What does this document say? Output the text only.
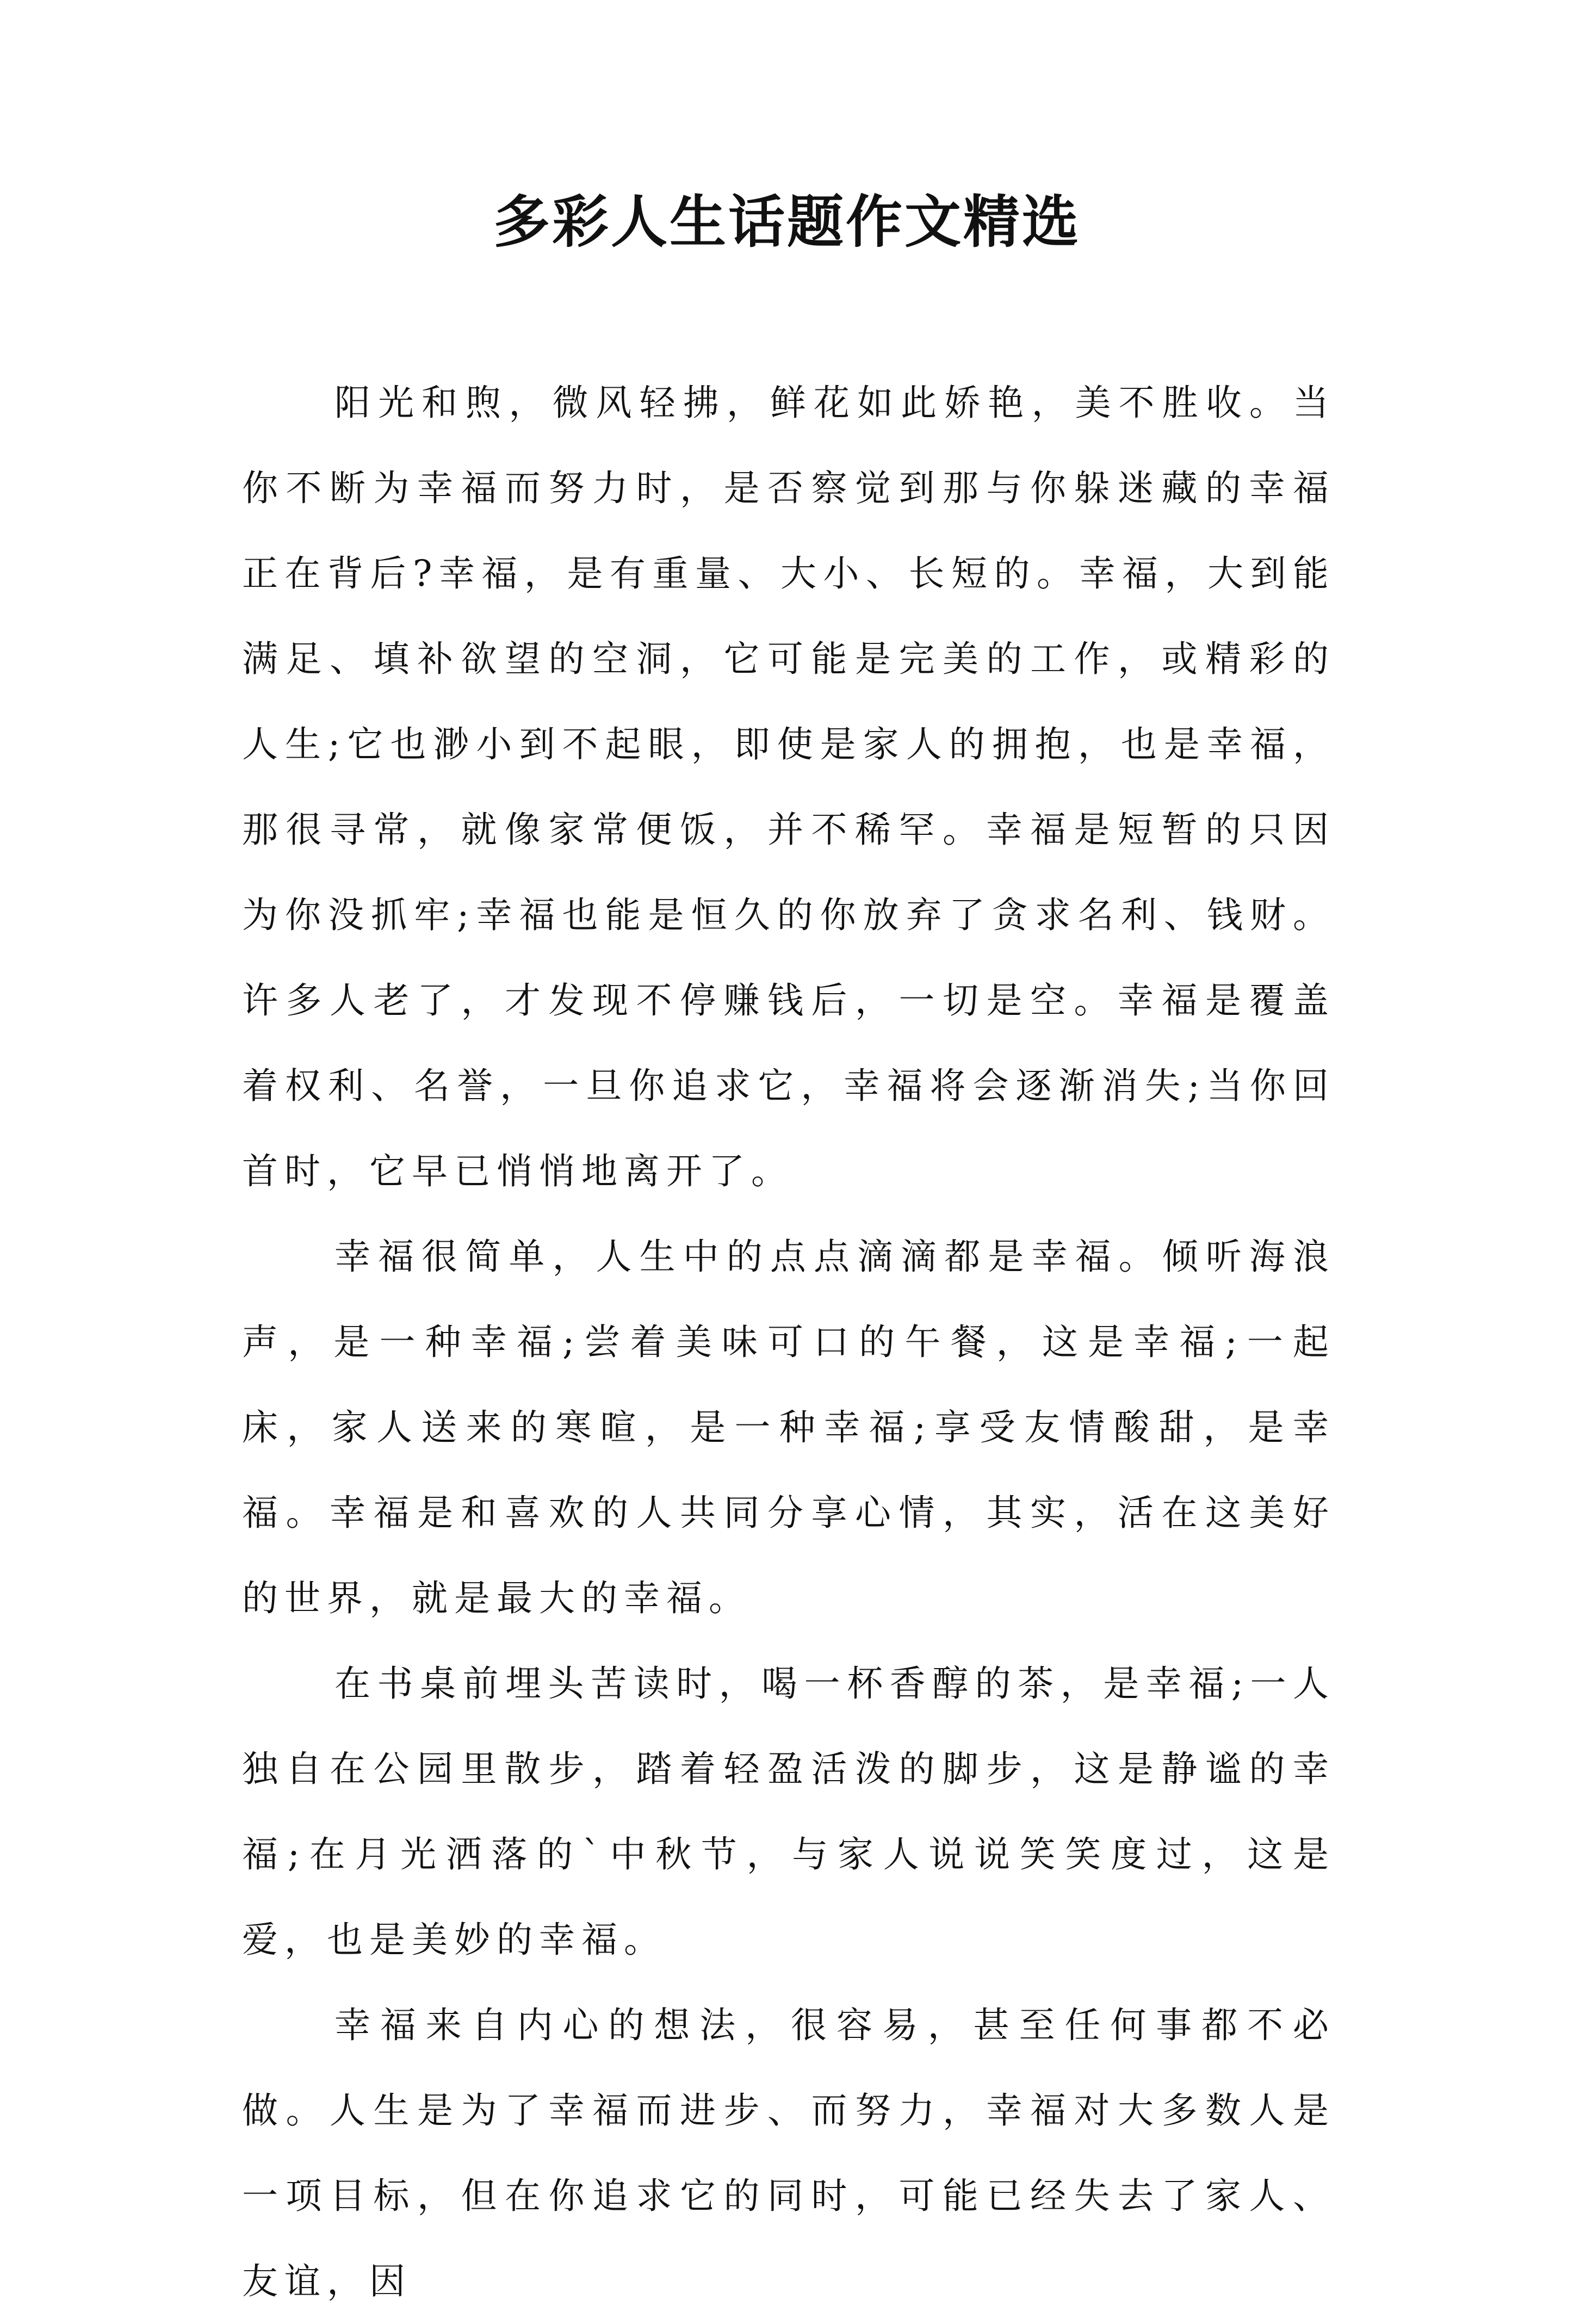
多彩人生话题作文精选

阳光和煦，微风轻拂，鲜花如此娇艳，美不胜收。当你不断为幸福而努力时，是否察觉到那与你躲迷藏的幸福正在背后?幸福，是有重量、大小、长短的。幸福，大到能满足、填补欲望的空洞，它可能是完美的工作，或精彩的人生;它也渺小到不起眼，即使是家人的拥抱，也是幸福，那很寻常，就像家常便饭，并不稀罕。幸福是短暂的只因为你没抓牢;幸福也能是恒久的你放弃了贪求名利、钱财。许多人老了，才发现不停赚钱后，一切是空。幸福是覆盖着权利、名誉，一旦你追求它，幸福将会逐渐消失;当你回首时，它早已悄悄地离开了。

幸福很简单，人生中的点点滴滴都是幸福。倾听海浪声，是一种幸福;尝着美味可口的午餐，这是幸福;一起床，家人送来的寒暄，是一种幸福;享受友情酸甜，是幸福。幸福是和喜欢的人共同分享心情，其实，活在这美好的世界，就是最大的幸福。

在书桌前埋头苦读时，喝一杯香醇的茶，是幸福;一人独自在公园里散步，踏着轻盈活泼的脚步，这是静谧的幸福;在月光洒落的`中秋节，与家人说说笑笑度过，这是爱，也是美妙的幸福。

幸福来自内心的想法，很容易，甚至任何事都不必做。人生是为了幸福而进步、而努力，幸福对大多数人是一项目标，但在你追求它的同时，可能已经失去了家人、友谊，因
